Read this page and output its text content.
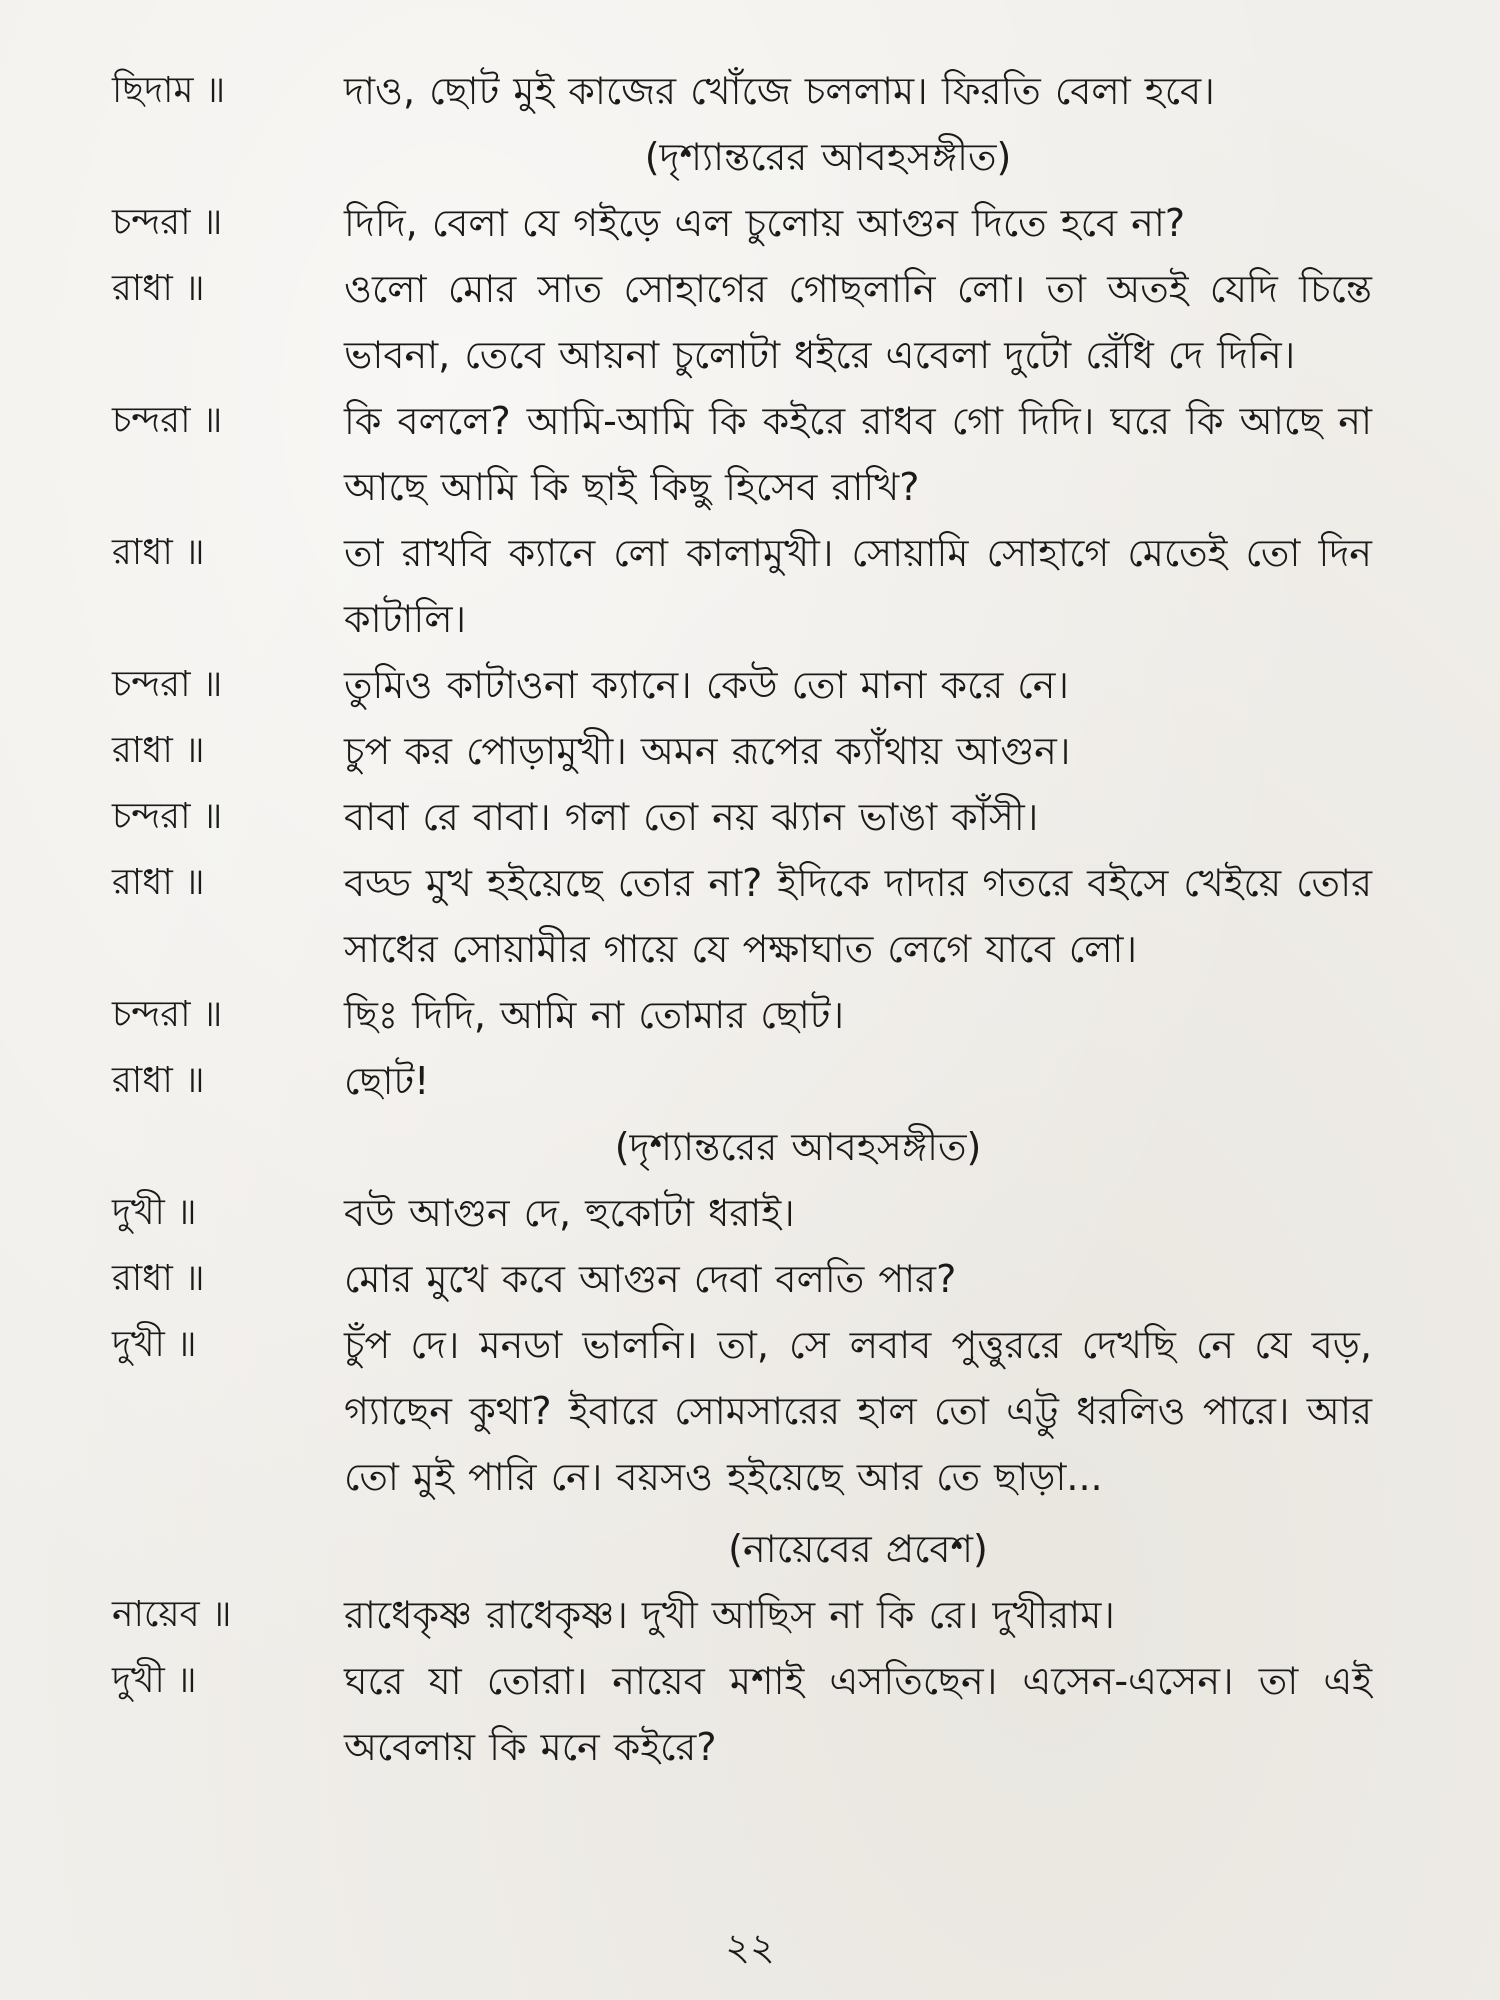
ছিদাম ॥	দাও, ছোট মুই কাজের খোঁজে চললাম। ফিরতি বেলা হবে।
(দৃশ্যান্তরের আবহসঙ্গীত)
চন্দরা ॥	দিদি, বেলা যে গইড়ে এল চুলোয় আগুন দিতে হবে না?
রাধা ॥	ওলো মোর সাত সোহাগের গোছলানি লো। তা অতই যেদি চিন্তে ভাবনা, তেবে আয়না চুলোটা ধইরে এবেলা দুটো রেঁধি দে দিনি।
চন্দরা ॥	কি বললে? আমি-আমি কি কইরে রাধব গো দিদি। ঘরে কি আছে না আছে আমি কি ছাই কিছু হিসেব রাখি?
রাধা ॥	তা রাখবি ক্যানে লো কালামুখী। সোয়ামি সোহাগে মেতেই তো দিন কাটালি।
চন্দরা ॥	তুমিও কাটাওনা ক্যানে। কেউ তো মানা করে নে।
রাধা ॥	চুপ কর পোড়ামুখী। অমন রূপের ক্যাঁথায় আগুন।
চন্দরা ॥	বাবা রে বাবা। গলা তো নয় ঝ্যান ভাঙা কাঁসী।
রাধা ॥	বড্ড মুখ হইয়েছে তোর না? ইদিকে দাদার গতরে বইসে খেইয়ে তোর সাধের সোয়ামীর গায়ে যে পক্ষাঘাত লেগে যাবে লো।
চন্দরা ॥	ছিঃ দিদি, আমি না তোমার ছোট।
রাধা ॥	ছোট!
(দৃশ্যান্তরের আবহসঙ্গীত)
দুখী ॥	বউ আগুন দে, হুকোটা ধরাই।
রাধা ॥	মোর মুখে কবে আগুন দেবা বলতি পার?
দুখী ॥	চুঁপ দে। মনডা ভালনি। তা, সে লবাব পুত্তুররে দেখছি নে যে বড়, গ্যাছেন কুথা? ইবারে সোমসারের হাল তো এট্টু ধরলিও পারে। আর তো মুই পারি নে। বয়সও হইয়েছে আর তে ছাড়া...
(নায়েবের প্রবেশ)
নায়েব ॥	রাধেকৃষ্ণ রাধেকৃষ্ণ। দুখী আছিস না কি রে। দুখীরাম।
দুখী ॥	ঘরে যা তোরা। নায়েব মশাই এসতিছেন। এসেন-এসেন। তা এই অবেলায় কি মনে কইরে?
২২
